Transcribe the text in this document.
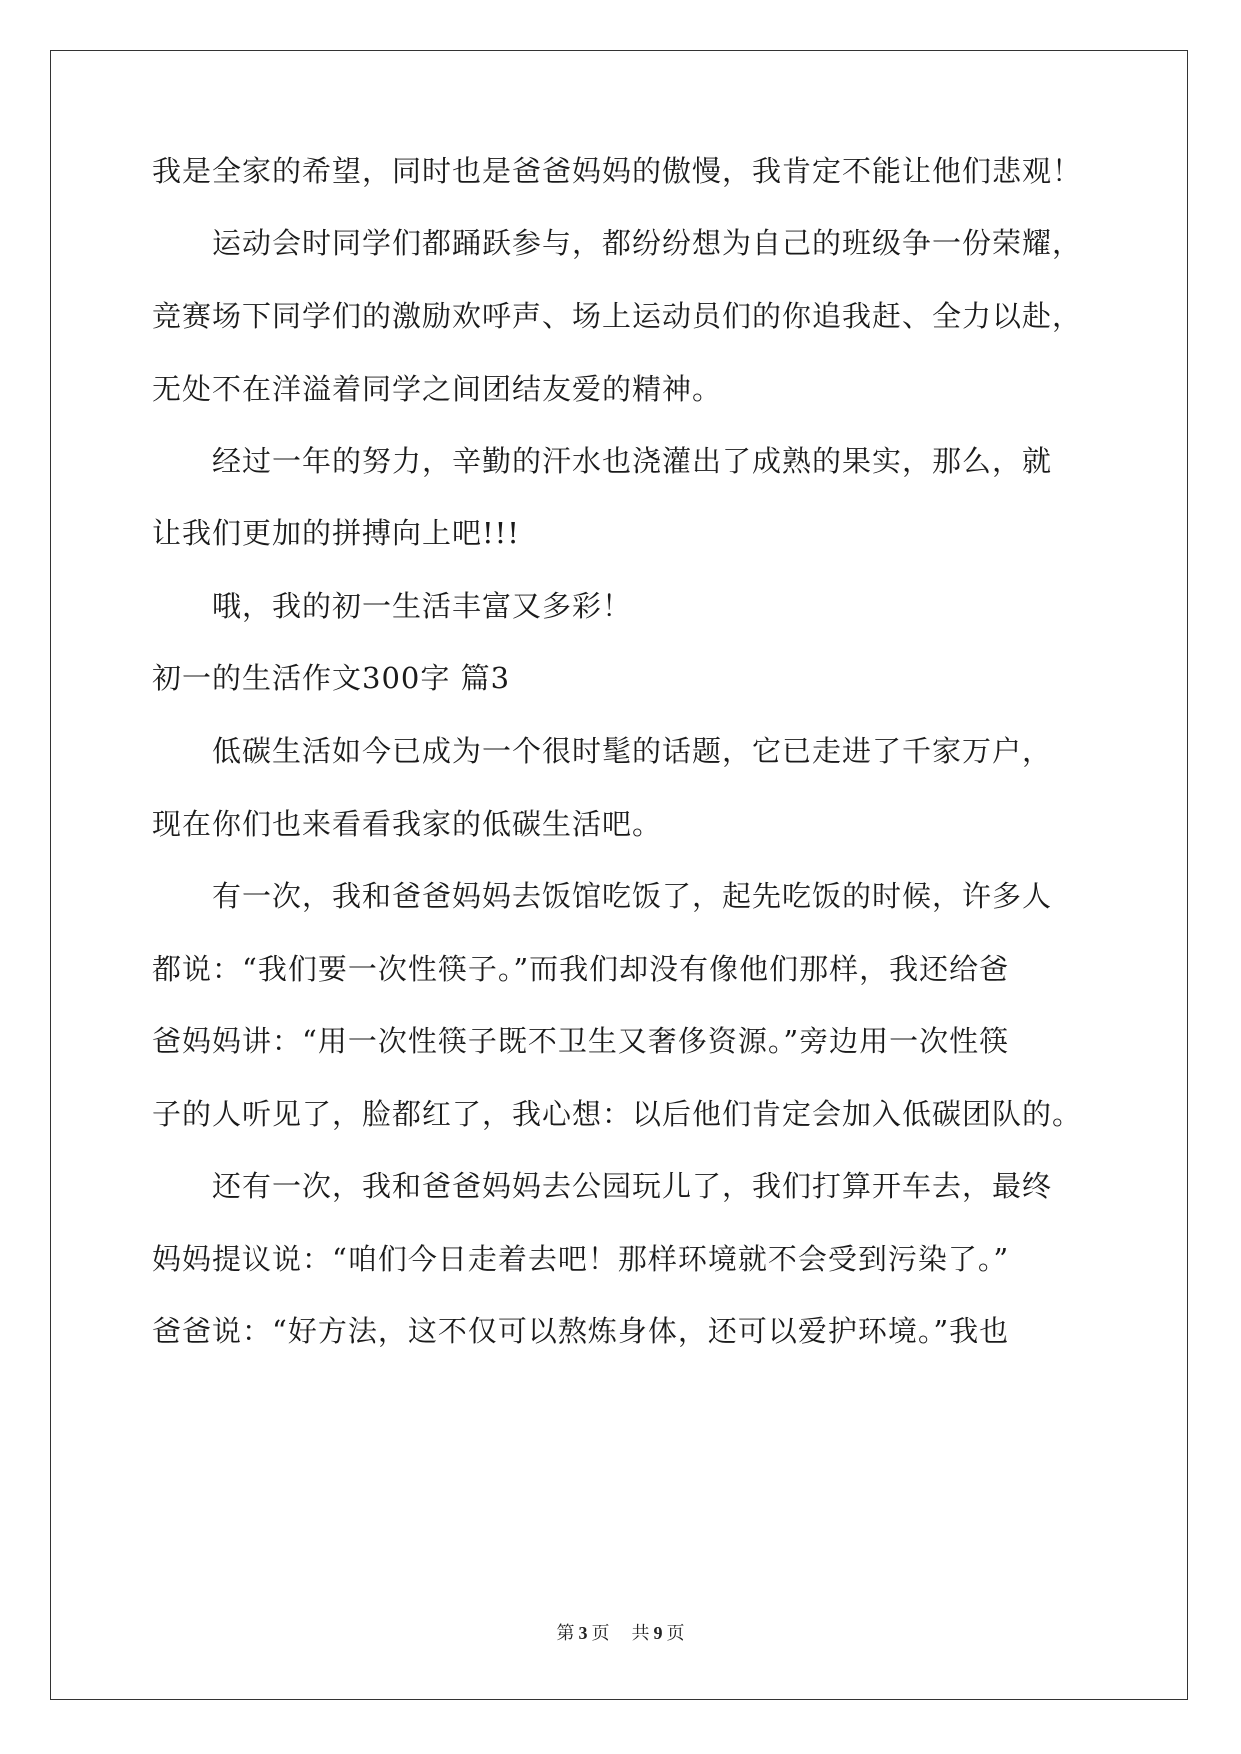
我是全家的希望，同时也是爸爸妈妈的傲慢，我肯定不能让他们悲观！
运动会时同学们都踊跃参与，都纷纷想为自己的班级争一份荣耀，
竞赛场下同学们的激励欢呼声、场上运动员们的你追我赶、全力以赴，
无处不在洋溢着同学之间团结友爱的精神。
经过一年的努力，辛勤的汗水也浇灌出了成熟的果实，那么，就
让我们更加的拼搏向上吧!!!
哦，我的初一生活丰富又多彩！
初一的生活作文300字 篇3
低碳生活如今已成为一个很时髦的话题，它已走进了千家万户，
现在你们也来看看我家的低碳生活吧。
有一次，我和爸爸妈妈去饭馆吃饭了，起先吃饭的时候，许多人
都说：“我们要一次性筷子。”而我们却没有像他们那样，我还给爸
爸妈妈讲：“用一次性筷子既不卫生又奢侈资源。”旁边用一次性筷
子的人听见了，脸都红了，我心想：以后他们肯定会加入低碳团队的。
还有一次，我和爸爸妈妈去公园玩儿了，我们打算开车去，最终
妈妈提议说：“咱们今日走着去吧！那样环境就不会受到污染了。”
爸爸说：“好方法，这不仅可以熬炼身体，还可以爱护环境。”我也
第 3 页 共 9 页
